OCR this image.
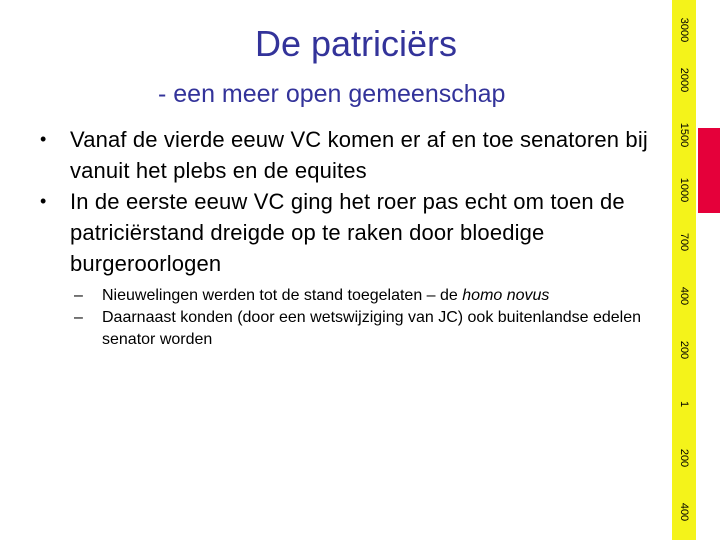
De patriciërs
- een meer open gemeenschap
• Vanaf de vierde eeuw VC komen er af en toe senatoren bij vanuit het plebs en de equites
• In de eerste eeuw VC ging het roer pas echt om toen de patriciërstand dreigde op te raken door bloedige burgeroorlogen
– Nieuwelingen werden tot de stand toegelaten – de homo novus
– Daarnaast konden (door een wetswijziging van JC) ook buitenlandse edelen senator worden
3000
2000
1500
1000
700
400
200
1
200
400
